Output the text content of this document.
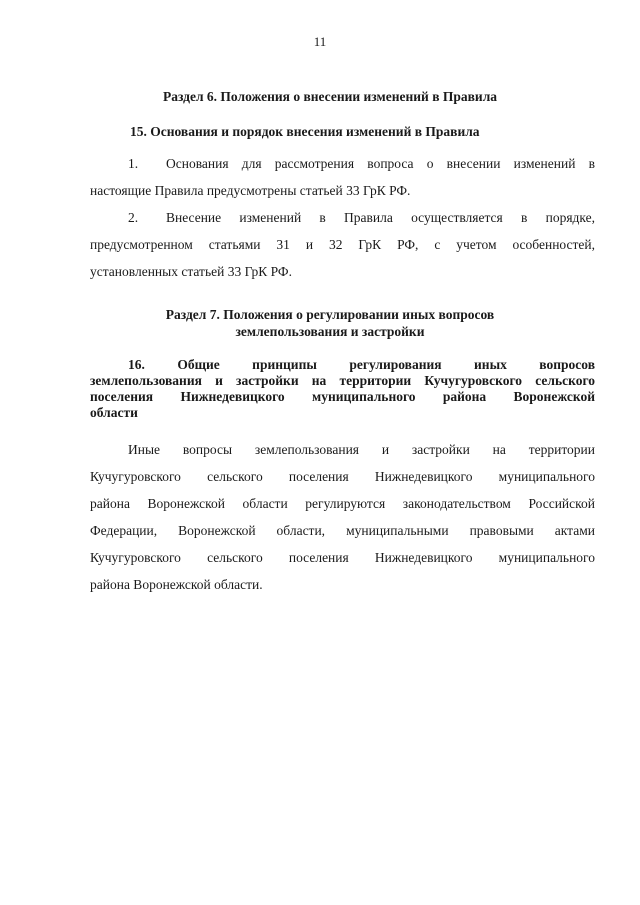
11
Раздел 6. Положения о внесении изменений в Правила
15. Основания и порядок внесения изменений в Правила
1. Основания для рассмотрения вопроса о внесении изменений в
настоящие Правила предусмотрены статьей 33 ГрК РФ.
2. Внесение изменений в Правила осуществляется в порядке,
предусмотренном статьями 31 и 32 ГрК РФ, с учетом особенностей,
установленных статьей 33 ГрК РФ.
Раздел 7. Положения о регулировании иных вопросов
землепользования и застройки
16. Общие принципы регулирования иных вопросов
землепользования и застройки на территории Кучугуровского сельского
поселения Нижнедевицкого муниципального района Воронежской
области
Иные вопросы землепользования и застройки на территории
Кучугуровского сельского поселения Нижнедевицкого муниципального
района Воронежской области регулируются законодательством Российской
Федерации, Воронежской области, муниципальными правовыми актами
Кучугуровского сельского поселения Нижнедевицкого муниципального
района Воронежской области.
